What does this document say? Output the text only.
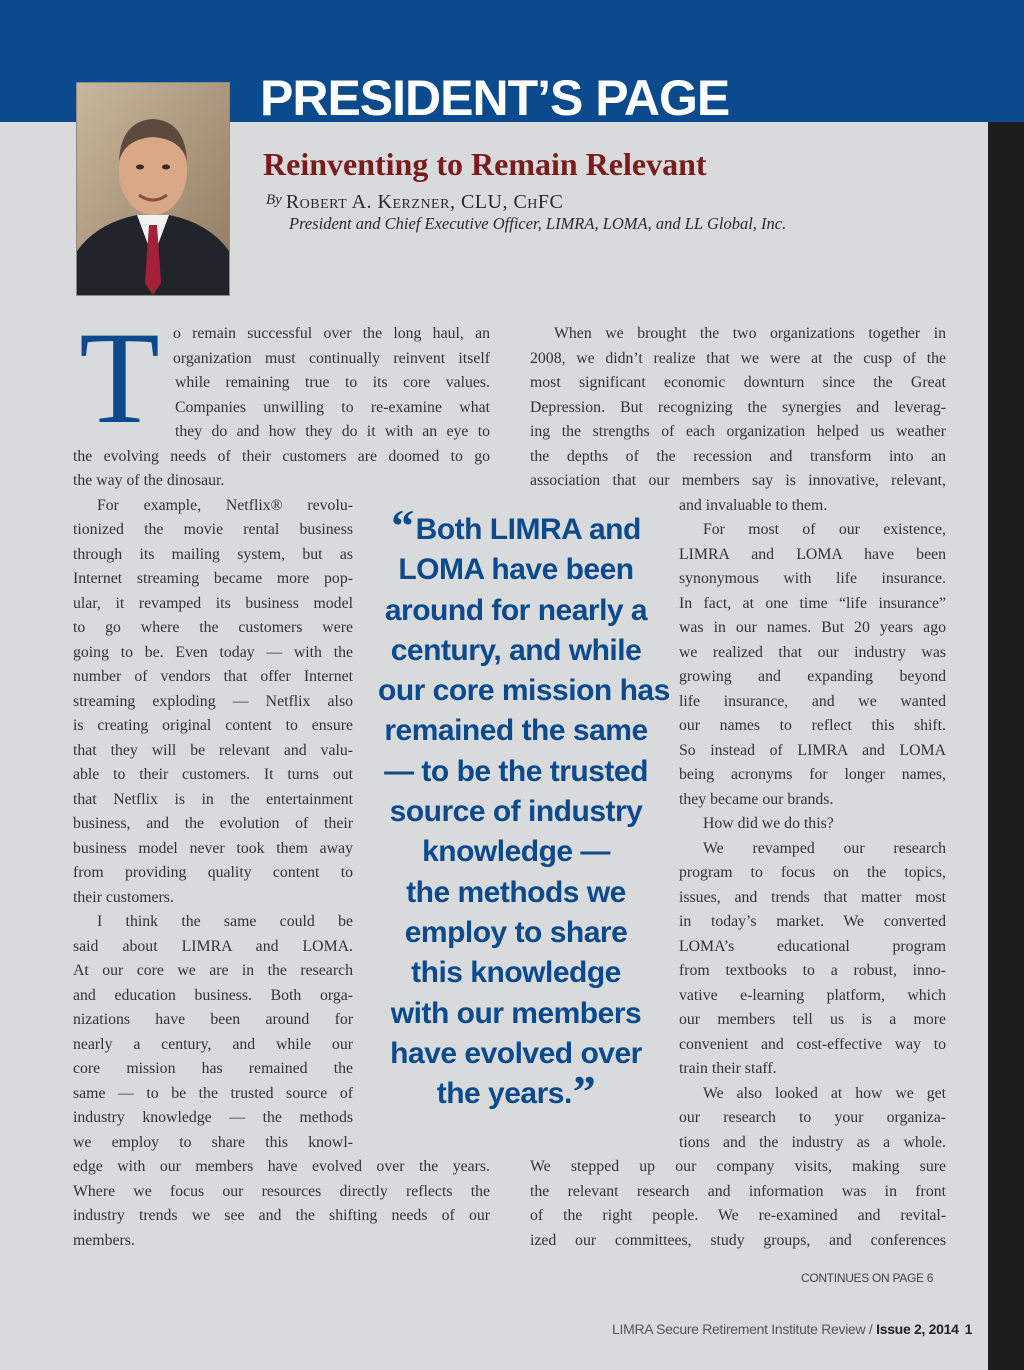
PRESIDENT’S PAGE
Reinventing to Remain Relevant
$^{By}$ Robert A. Kerzner, CLU, ChFC
President and Chief Executive Officer, LIMRA, LOMA, and LL Global, Inc.
T o remain successful over the long haul, an
organization must continually reinvent itself
while remaining true to its core values.
Companies unwilling to re-examine what
they do and how they do it with an eye to
the evolving needs of their customers are doomed to go
the way of the dinosaur.
For example, Netflix® revolu-
tionized the movie rental business
through its mailing system, but as
Internet streaming became more pop-
ular, it revamped its business model
to go where the customers were
going to be. Even today — with the
number of vendors that offer Internet
streaming exploding — Netflix also
is creating original content to ensure
that they will be relevant and valu-
able to their customers. It turns out
that Netflix is in the entertainment
business, and the evolution of their
business model never took them away
from providing quality content to
their customers.
I think the same could be
said about LIMRA and LOMA.
At our core we are in the research
and education business. Both orga-
nizations have been around for
nearly a century, and while our
core mission has remained the
same — to be the trusted source of
industry knowledge — the methods
we employ to share this knowl-
edge with our members have evolved over the years.
Where we focus our resources directly reflects the
industry trends we see and the shifting needs of our
members.
When we brought the two organizations together in
2008, we didn’t realize that we were at the cusp of the
most significant economic downturn since the Great
Depression. But recognizing the synergies and leverag-
ing the strengths of each organization helped us weather
the depths of the recession and transform into an
association that our members say is innovative, relevant,
and invaluable to them.
For most of our existence,
LIMRA and LOMA have been
synonymous with life insurance.
In fact, at one time “life insurance”
was in our names. But 20 years ago
we realized that our industry was
growing and expanding beyond
life insurance, and we wanted
our names to reflect this shift.
So instead of LIMRA and LOMA
being acronyms for longer names,
they became our brands.
How did we do this?
We revamped our research
program to focus on the topics,
issues, and trends that matter most
in today’s market. We converted
LOMA’s educational program
from textbooks to a robust, inno-
vative e-learning platform, which
our members tell us is a more
convenient and cost-effective way to
train their staff.
We also looked at how we get
our research to your organiza-
tions and the industry as a whole.
We stepped up our company visits, making sure
the relevant research and information was in front
of the right people. We re-examined and revital-
ized our committees, study groups, and conferences
“Both LIMRA and
LOMA have been
around for nearly a
century, and while
our core mission has
remained the same
— to be the trusted
source of industry
knowledge —
the methods we
employ to share
this knowledge
with our members
have evolved over
the years.”
CONTINUES ON PAGE 6
LIMRA Secure Retirement Institute Review / Issue 2, 2014 1
